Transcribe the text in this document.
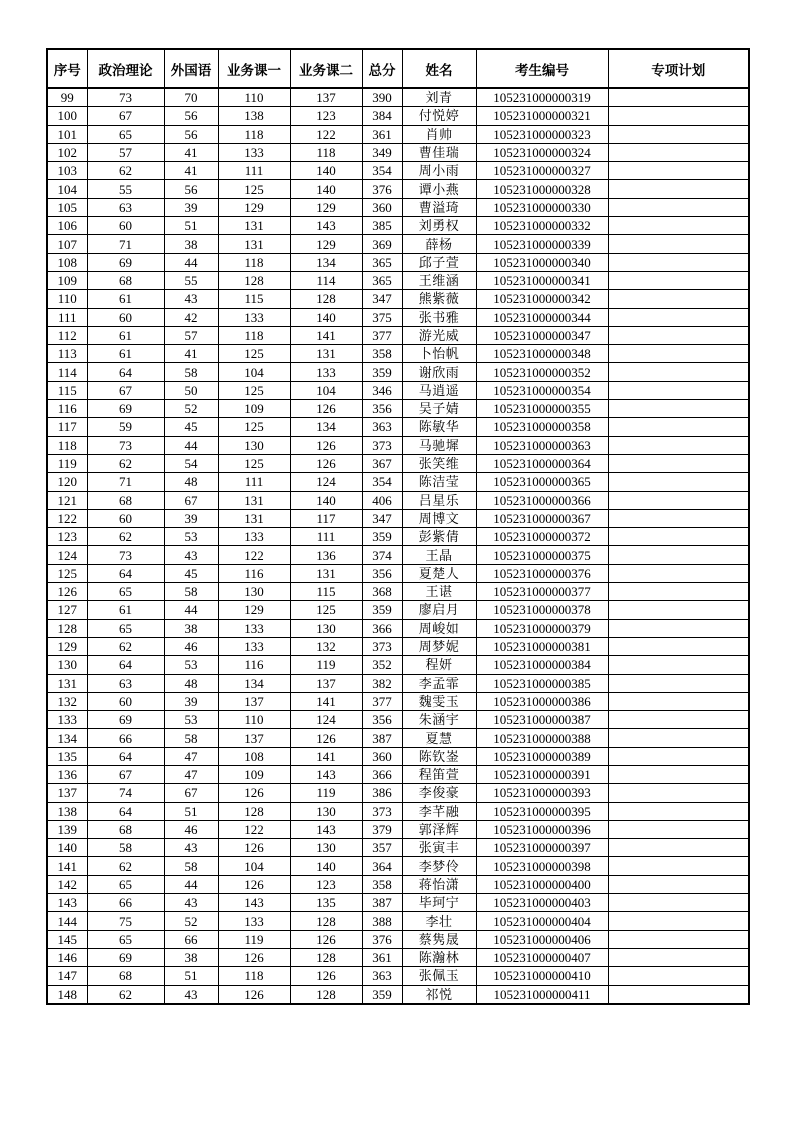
序号	政治理论	外国语	业务课一	业务课二	总分	姓名	考生编号	专项计划
99	73	70	110	137	390	刘青	105231000000319	
100	67	56	138	123	384	付悦婷	105231000000321	
101	65	56	118	122	361	肖帅	105231000000323	
102	57	41	133	118	349	曹佳瑞	105231000000324	
103	62	41	111	140	354	周小雨	105231000000327	
104	55	56	125	140	376	谭小燕	105231000000328	
105	63	39	129	129	360	曹溢琦	105231000000330	
106	60	51	131	143	385	刘勇权	105231000000332	
107	71	38	131	129	369	薛杨	105231000000339	
108	69	44	118	134	365	邱子萱	105231000000340	
109	68	55	128	114	365	王维涵	105231000000341	
110	61	43	115	128	347	熊紫薇	105231000000342	
111	60	42	133	140	375	张书雅	105231000000344	
112	61	57	118	141	377	游光威	105231000000347	
113	61	41	125	131	358	卜怡帆	105231000000348	
114	64	58	104	133	359	谢欣雨	105231000000352	
115	67	50	125	104	346	马逍遥	105231000000354	
116	69	52	109	126	356	吴子婧	105231000000355	
117	59	45	125	134	363	陈敏华	105231000000358	
118	73	44	130	126	373	马驰墀	105231000000363	
119	62	54	125	126	367	张笑维	105231000000364	
120	71	48	111	124	354	陈洁莹	105231000000365	
121	68	67	131	140	406	吕星乐	105231000000366	
122	60	39	131	117	347	周博文	105231000000367	
123	62	53	133	111	359	彭紫倩	105231000000372	
124	73	43	122	136	374	王晶	105231000000375	
125	64	45	116	131	356	夏楚人	105231000000376	
126	65	58	130	115	368	王谌	105231000000377	
127	61	44	129	125	359	廖启月	105231000000378	
128	65	38	133	130	366	周峻如	105231000000379	
129	62	46	133	132	373	周梦妮	105231000000381	
130	64	53	116	119	352	程妍	105231000000384	
131	63	48	134	137	382	李孟霏	105231000000385	
132	60	39	137	141	377	魏雯玉	105231000000386	
133	69	53	110	124	356	朱涵宇	105231000000387	
134	66	58	137	126	387	夏慧	105231000000388	
135	64	47	108	141	360	陈钦崟	105231000000389	
136	67	47	109	143	366	程笛萱	105231000000391	
137	74	67	126	119	386	李俊豪	105231000000393	
138	64	51	128	130	373	李芊融	105231000000395	
139	68	46	122	143	379	郭泽辉	105231000000396	
140	58	43	126	130	357	张寅丰	105231000000397	
141	62	58	104	140	364	李梦伶	105231000000398	
142	65	44	126	123	358	蒋怡潇	105231000000400	
143	66	43	143	135	387	毕珂宁	105231000000403	
144	75	52	133	128	388	李壮	105231000000404	
145	65	66	119	126	376	蔡隽晟	105231000000406	
146	69	38	126	128	361	陈瀚林	105231000000407	
147	68	51	118	126	363	张佩玉	105231000000410	
148	62	43	126	128	359	祁悦	105231000000411	
